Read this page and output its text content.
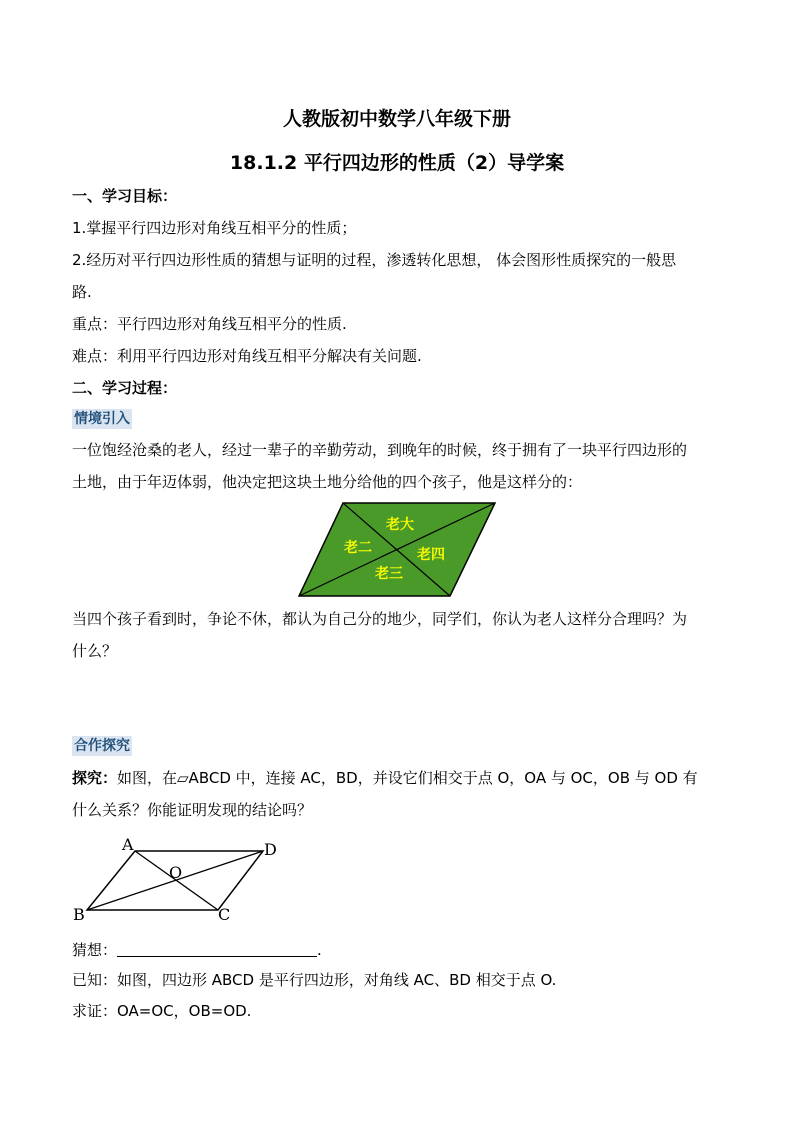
人教版初中数学八年级下册
18.1.2 平行四边形的性质（2）导学案
一、学习目标：
1.掌握平行四边形对角线互相平分的性质；
2.经历对平行四边形性质的猜想与证明的过程，渗透转化思想， 体会图形性质探究的一般思
路.
重点：平行四边形对角线互相平分的性质.
难点：利用平行四边形对角线互相平分解决有关问题.
二、学习过程：
情境引入
一位饱经沧桑的老人，经过一辈子的辛勤劳动，到晚年的时候，终于拥有了一块平行四边形的
土地，由于年迈体弱，他决定把这块土地分给他的四个孩子，他是这样分的：
老大
老二	老四
老三
当四个孩子看到时，争论不休，都认为自己分的地少，同学们，你认为老人这样分合理吗？为
什么？
合作探究
探究：如图，在▱ABCD 中，连接 AC，BD，并设它们相交于点 O，OA 与 OC，OB 与 OD 有
什么关系？你能证明发现的结论吗？
A	D
O
B	C
猜想：	.
已知：如图，四边形 ABCD 是平行四边形，对角线 AC、BD 相交于点 O.
求证：OA=OC，OB=OD.
